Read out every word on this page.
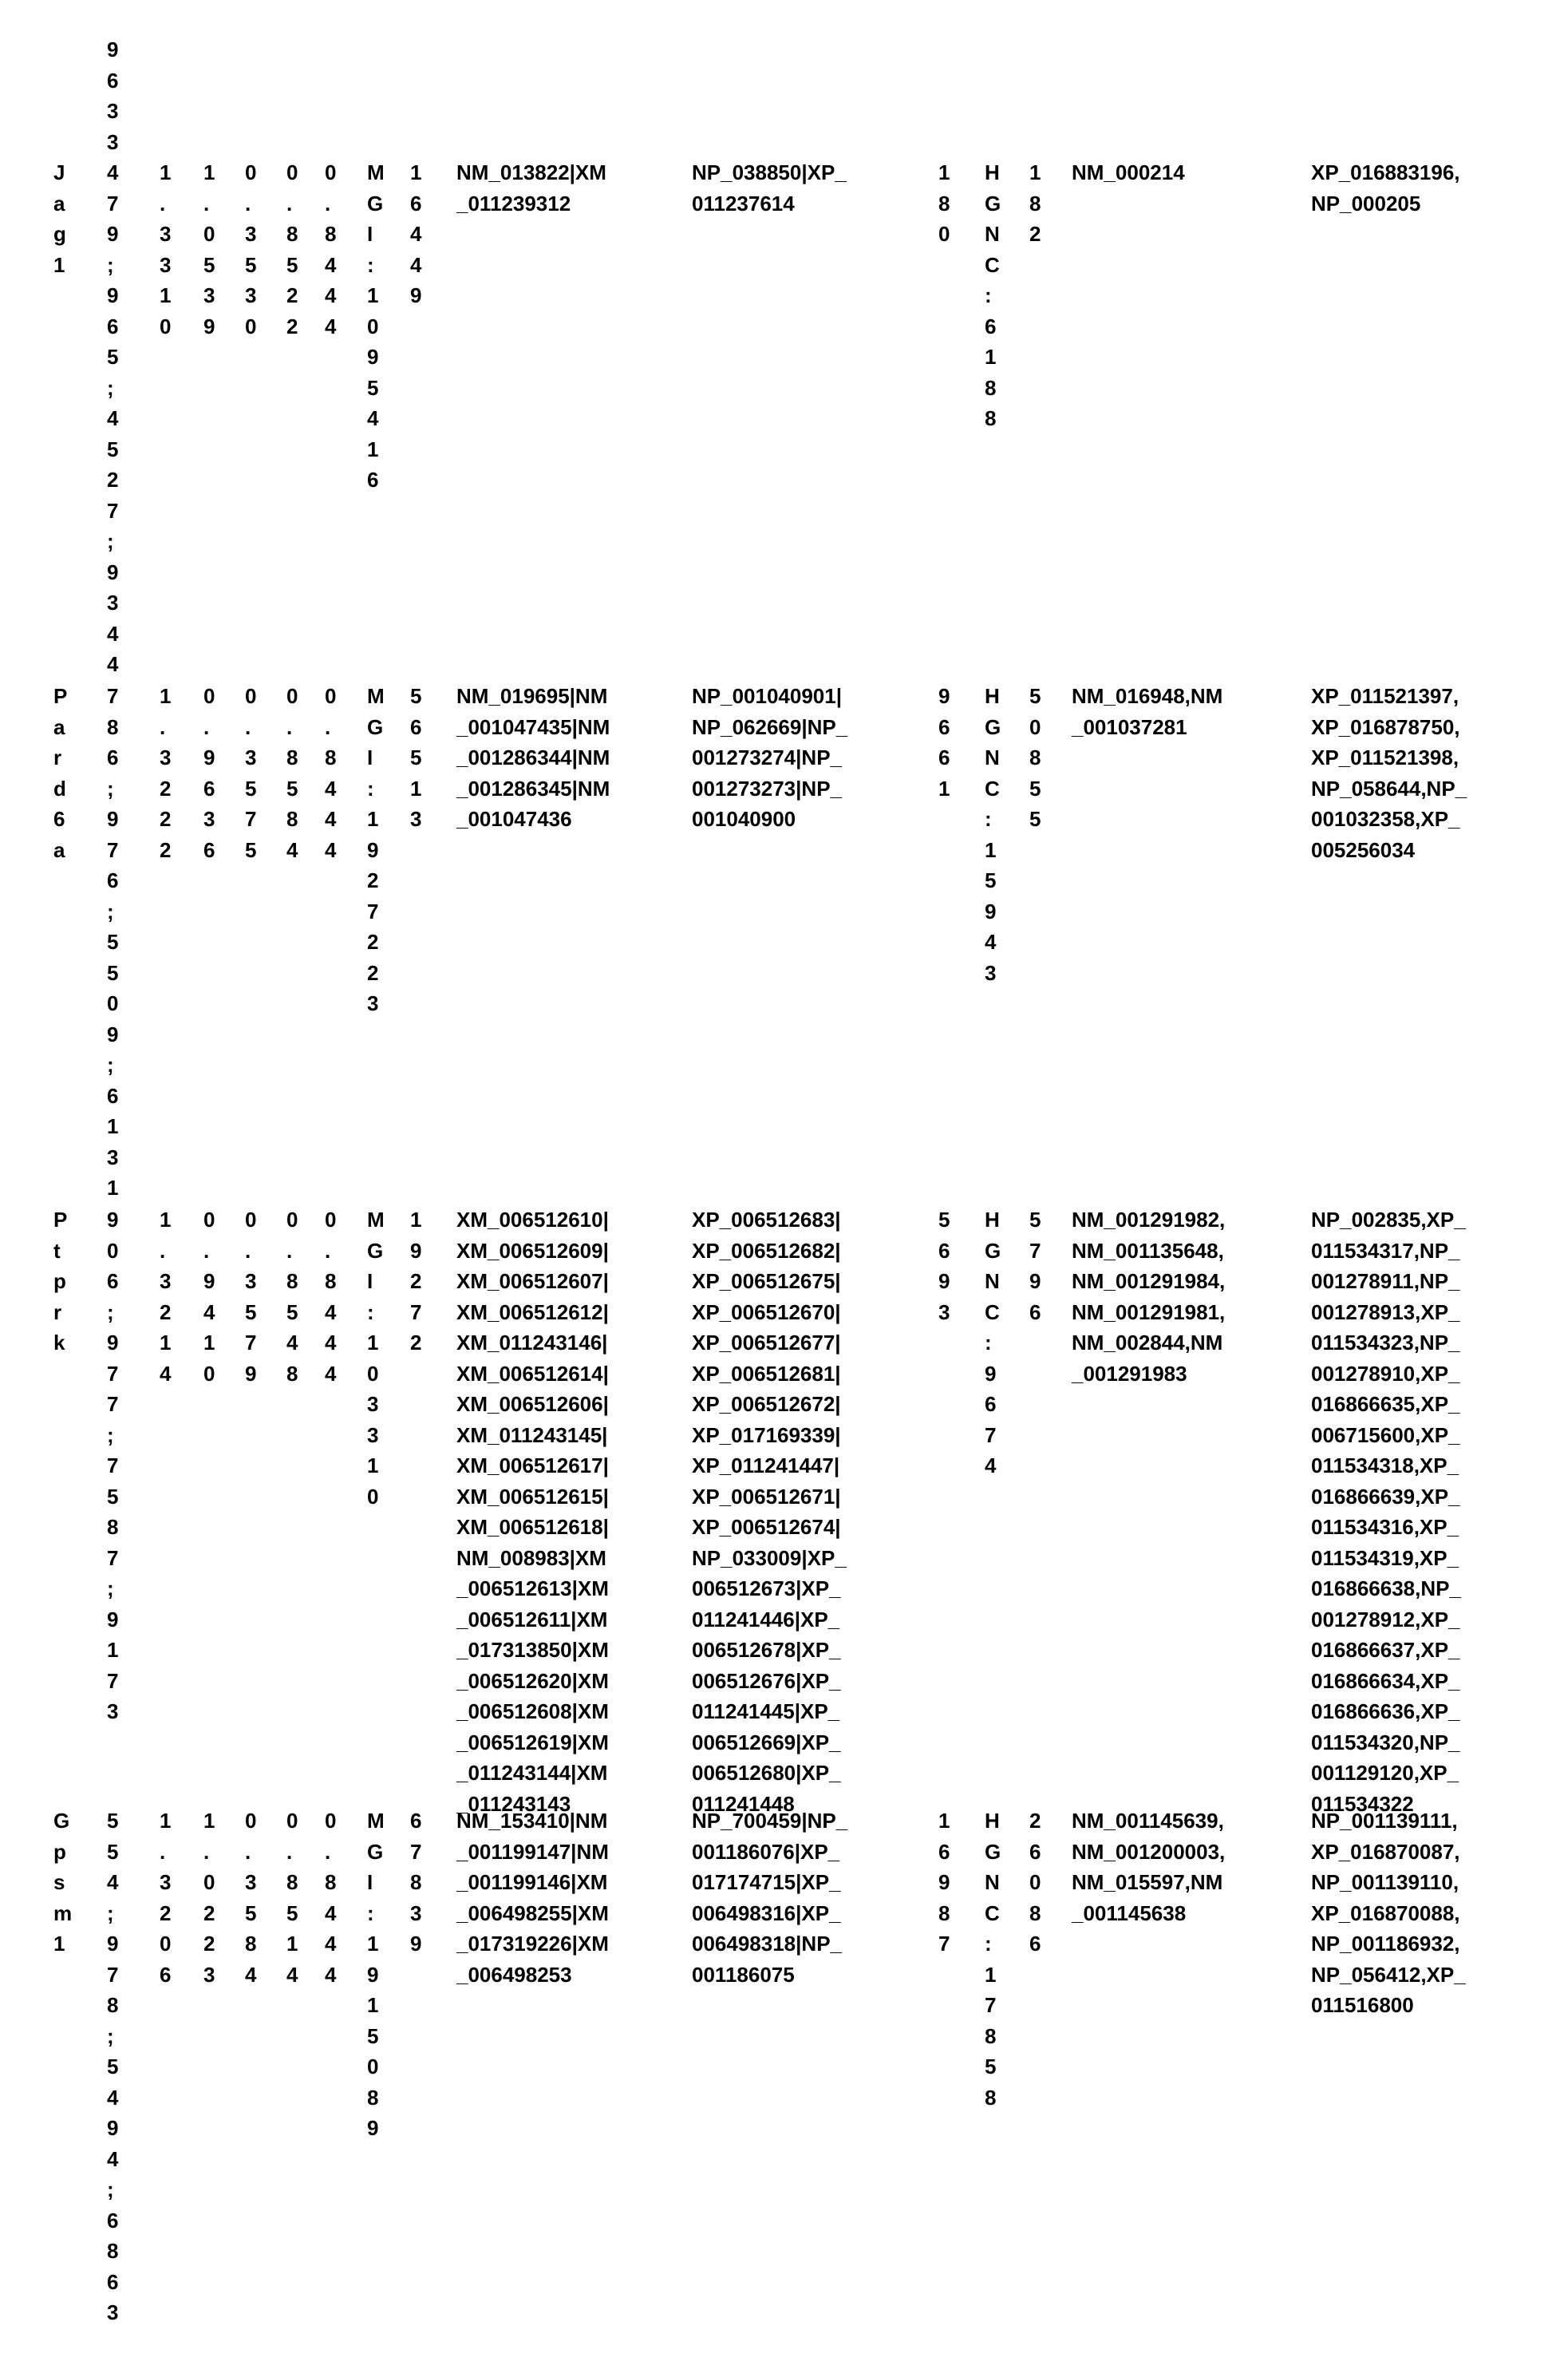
Jag1
9633479;965;4527;9344
1.3310
1.0539
0.3530
0.8522
0.8444
MGI:1095416
16449
NM_013822|XM
_011239312
NP_038850|XP_
011237614
180
HGNC:6188
182
NM_000214	XP_016883196,
NP_000205
Pard6a
786;976;5509;6131
1.3222
0.9636
0.3575
0.8584
0.8444
MGI:1927223
56513
NM_019695|NM
_001047435|NM
_001286344|NM
_001286345|NM
_001047436
NP_001040901|
NP_062669|NP_
001273274|NP_
001273273|NP_
001040900
9661
HGNC:15943
50855
NM_016948,NM
_001037281
XP_011521397,
XP_016878750,
XP_011521398,
NP_058644,NP_
001032358,XP_
005256034
Ptprk
906;977;7587;9173
1.3214
0.9410
0.3579
0.8548
0.8444
MGI:103310
19272
XM_006512610|
XM_006512609|
XM_006512607|
XM_006512612|
XM_011243146|
XM_006512614|
XM_006512606|
XM_011243145|
XM_006512617|
XM_006512615|
XM_006512618|
NM_008983|XM
_006512613|XM
_006512611|XM
_017313850|XM
_006512620|XM
_006512608|XM
_006512619|XM
_011243144|XM
_011243143
XP_006512683|
XP_006512682|
XP_006512675|
XP_006512670|
XP_006512677|
XP_006512681|
XP_006512672|
XP_017169339|
XP_011241447|
XP_006512671|
XP_006512674|
NP_033009|XP_
006512673|XP_
011241446|XP_
006512678|XP_
006512676|XP_
011241445|XP_
006512669|XP_
006512680|XP_
011241448
5693
HGNC:9674
5796
NM_001291982,
NM_001135648,
NM_001291984,
NM_001291981,
NM_002844,NM
_001291983
NP_002835,XP_
011534317,NP_
001278911,NP_
001278913,XP_
011534323,NP_
001278910,XP_
016866635,XP_
006715600,XP_
011534318,XP_
016866639,XP_
011534316,XP_
011534319,XP_
016866638,NP_
001278912,XP_
016866637,XP_
016866634,XP_
016866636,XP_
011534320,NP_
001129120,XP_
011534322
Gpsm1
554;978;5494;6863
1.3206
1.0223
0.3584
0.8514
0.8444
MGI:1915089
67839
NM_153410|NM
_001199147|NM
_001199146|XM
_006498255|XM
_017319226|XM
_006498253
NP_700459|NP_
001186076|XP_
017174715|XP_
006498316|XP_
006498318|NP_
001186075
16987
HGNC:17858
26086
NM_001145639,
NM_001200003,
NM_015597,NM
_001145638
NP_001139111,
XP_016870087,
NP_001139110,
XP_016870088,
NP_001186932,
NP_056412,XP_
011516800
